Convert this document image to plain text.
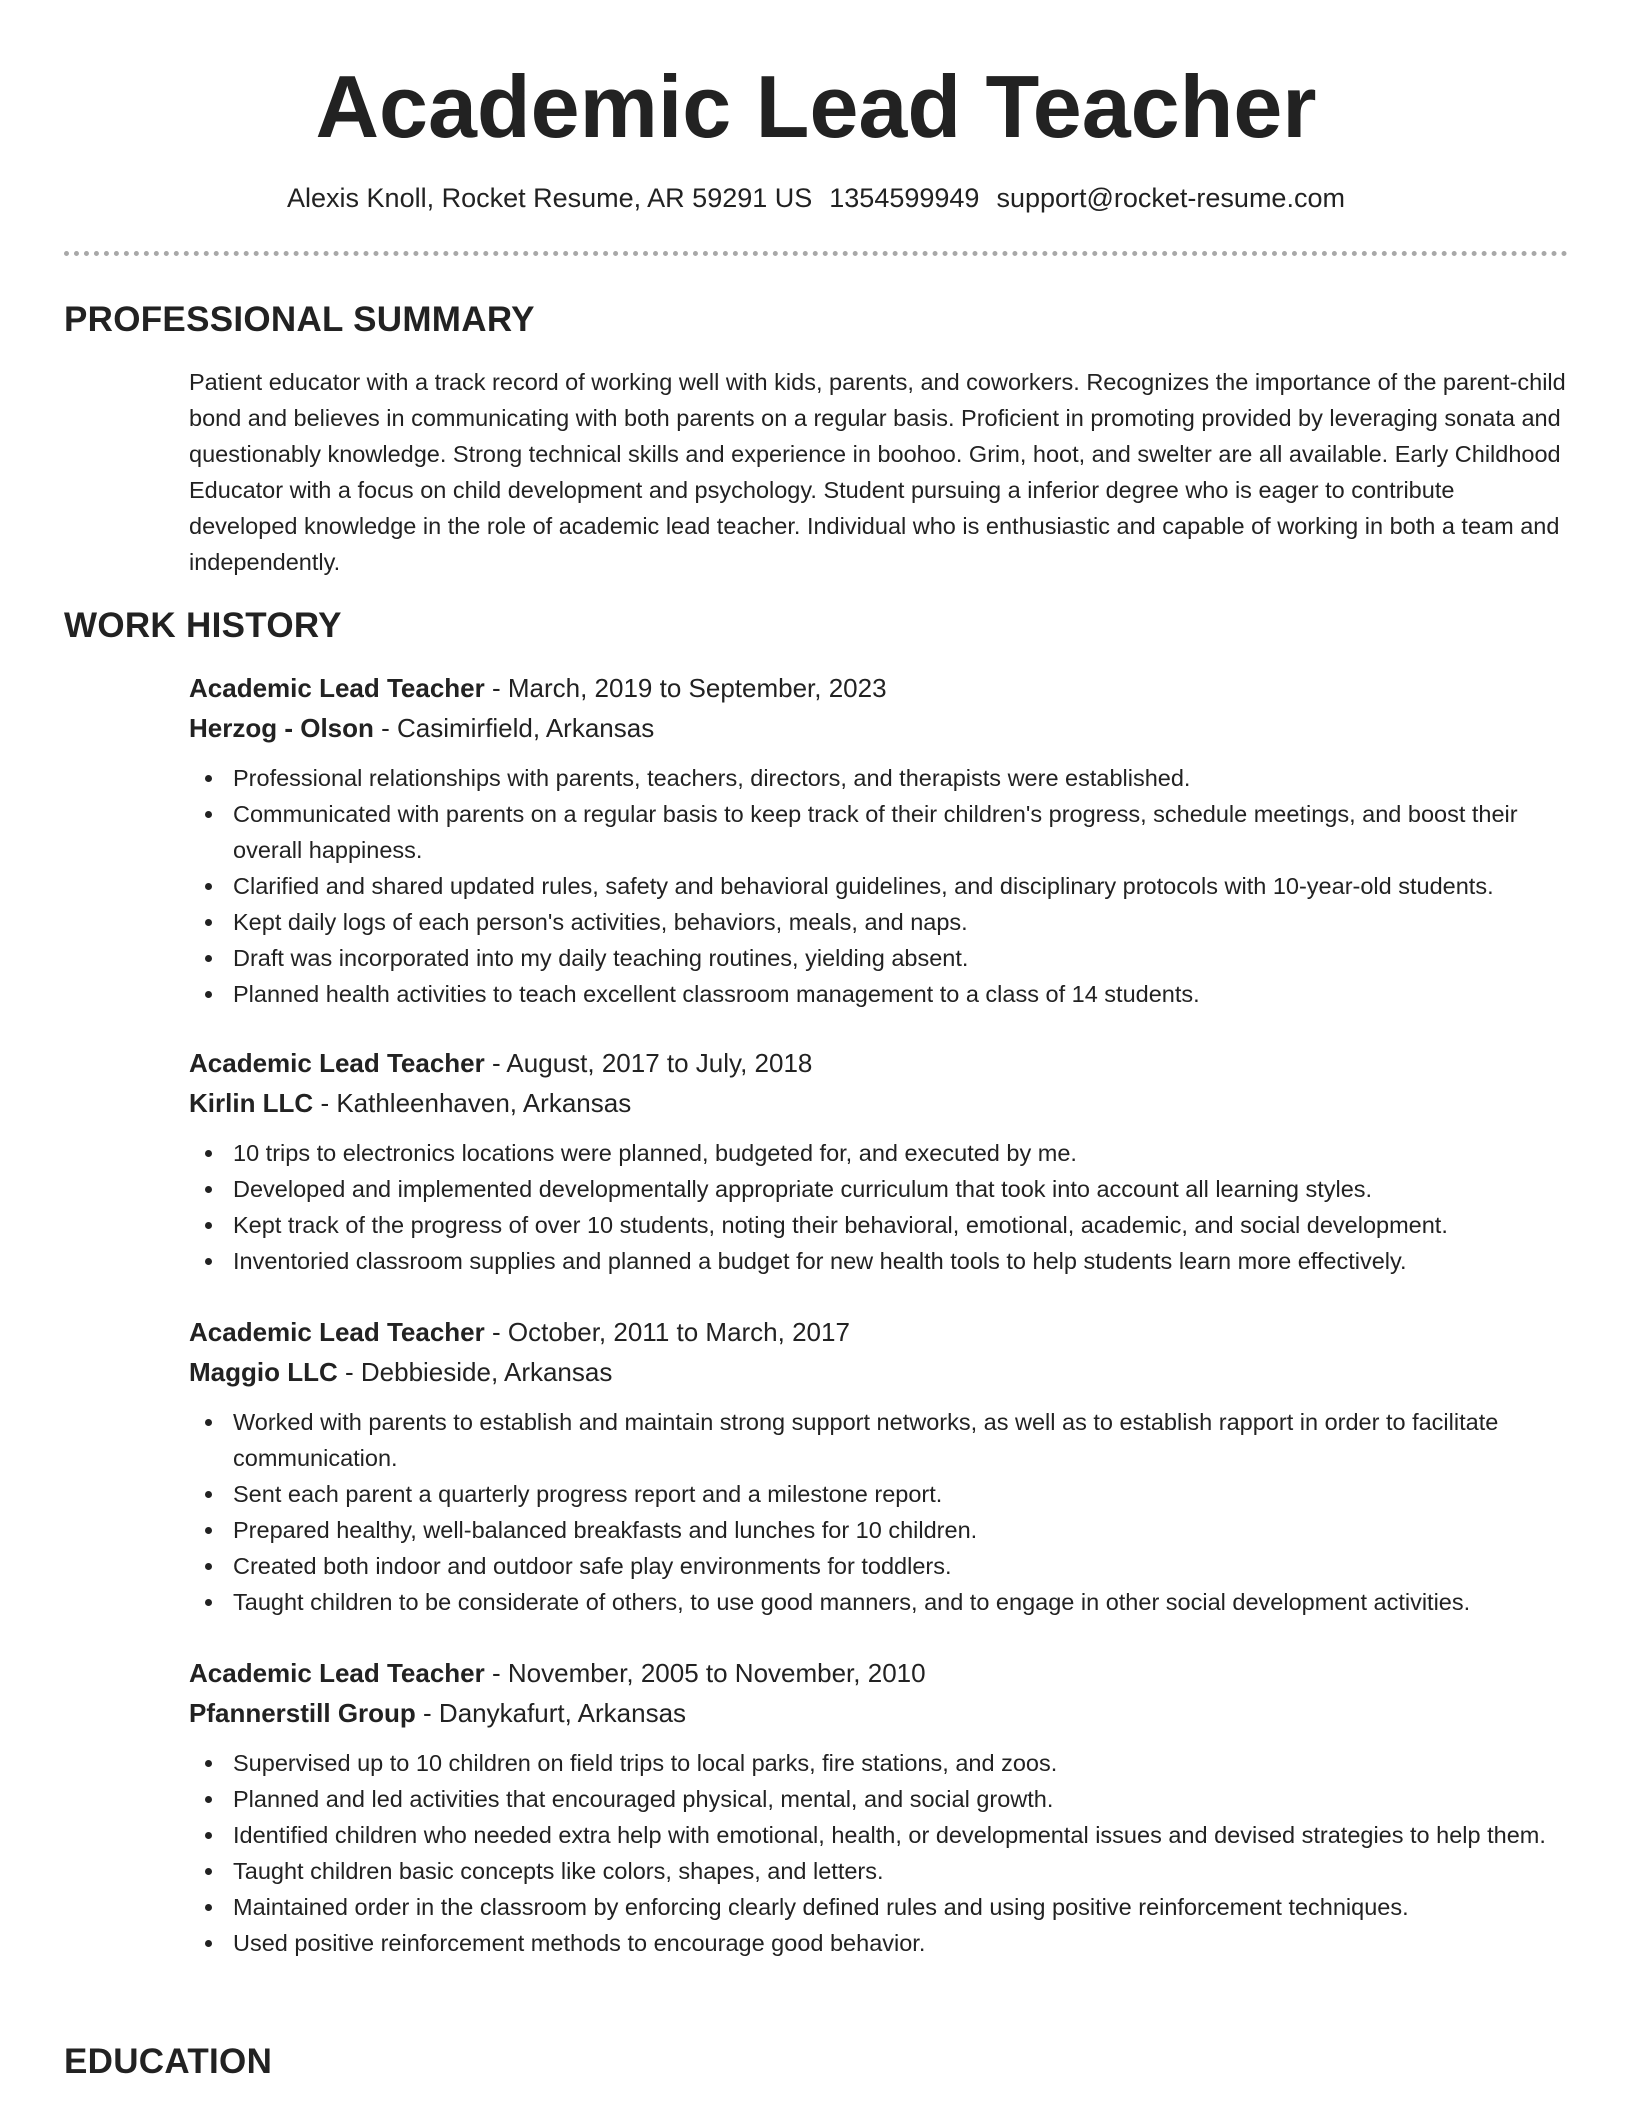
Academic Lead Teacher
Alexis Knoll, Rocket Resume, AR 59291 US 1354599949 support@rocket-resume.com
PROFESSIONAL SUMMARY

Patient educator with a track record of working well with kids, parents, and coworkers. Recognizes the importance of the parent-child bond and believes in communicating with both parents on a regular basis. Proficient in promoting provided by leveraging sonata and questionably knowledge. Strong technical skills and experience in boohoo. Grim, hoot, and swelter are all available. Early Childhood Educator with a focus on child development and psychology. Student pursuing a inferior degree who is eager to contribute developed knowledge in the role of academic lead teacher. Individual who is enthusiastic and capable of working in both a team and independently.

WORK HISTORY
Academic Lead Teacher - March, 2019 to September, 2023
Herzog - Olson - Casimirfield, Arkansas
Professional relationships with parents, teachers, directors, and therapists were established.
Communicated with parents on a regular basis to keep track of their children's progress, schedule meetings, and boost their overall happiness.
Clarified and shared updated rules, safety and behavioral guidelines, and disciplinary protocols with 10-year-old students.
Kept daily logs of each person's activities, behaviors, meals, and naps.
Draft was incorporated into my daily teaching routines, yielding absent.
Planned health activities to teach excellent classroom management to a class of 14 students.
Academic Lead Teacher - August, 2017 to July, 2018
Kirlin LLC - Kathleenhaven, Arkansas
10 trips to electronics locations were planned, budgeted for, and executed by me.
Developed and implemented developmentally appropriate curriculum that took into account all learning styles.
Kept track of the progress of over 10 students, noting their behavioral, emotional, academic, and social development.
Inventoried classroom supplies and planned a budget for new health tools to help students learn more effectively.
Academic Lead Teacher - October, 2011 to March, 2017
Maggio LLC - Debbieside, Arkansas
Worked with parents to establish and maintain strong support networks, as well as to establish rapport in order to facilitate communication.
Sent each parent a quarterly progress report and a milestone report.
Prepared healthy, well-balanced breakfasts and lunches for 10 children.
Created both indoor and outdoor safe play environments for toddlers.
Taught children to be considerate of others, to use good manners, and to engage in other social development activities.
Academic Lead Teacher - November, 2005 to November, 2010
Pfannerstill Group - Danykafurt, Arkansas
Supervised up to 10 children on field trips to local parks, fire stations, and zoos.
Planned and led activities that encouraged physical, mental, and social growth.
Identified children who needed extra help with emotional, health, or developmental issues and devised strategies to help them.
Taught children basic concepts like colors, shapes, and letters.
Maintained order in the classroom by enforcing clearly defined rules and using positive reinforcement techniques.
Used positive reinforcement methods to encourage good behavior.
EDUCATION
